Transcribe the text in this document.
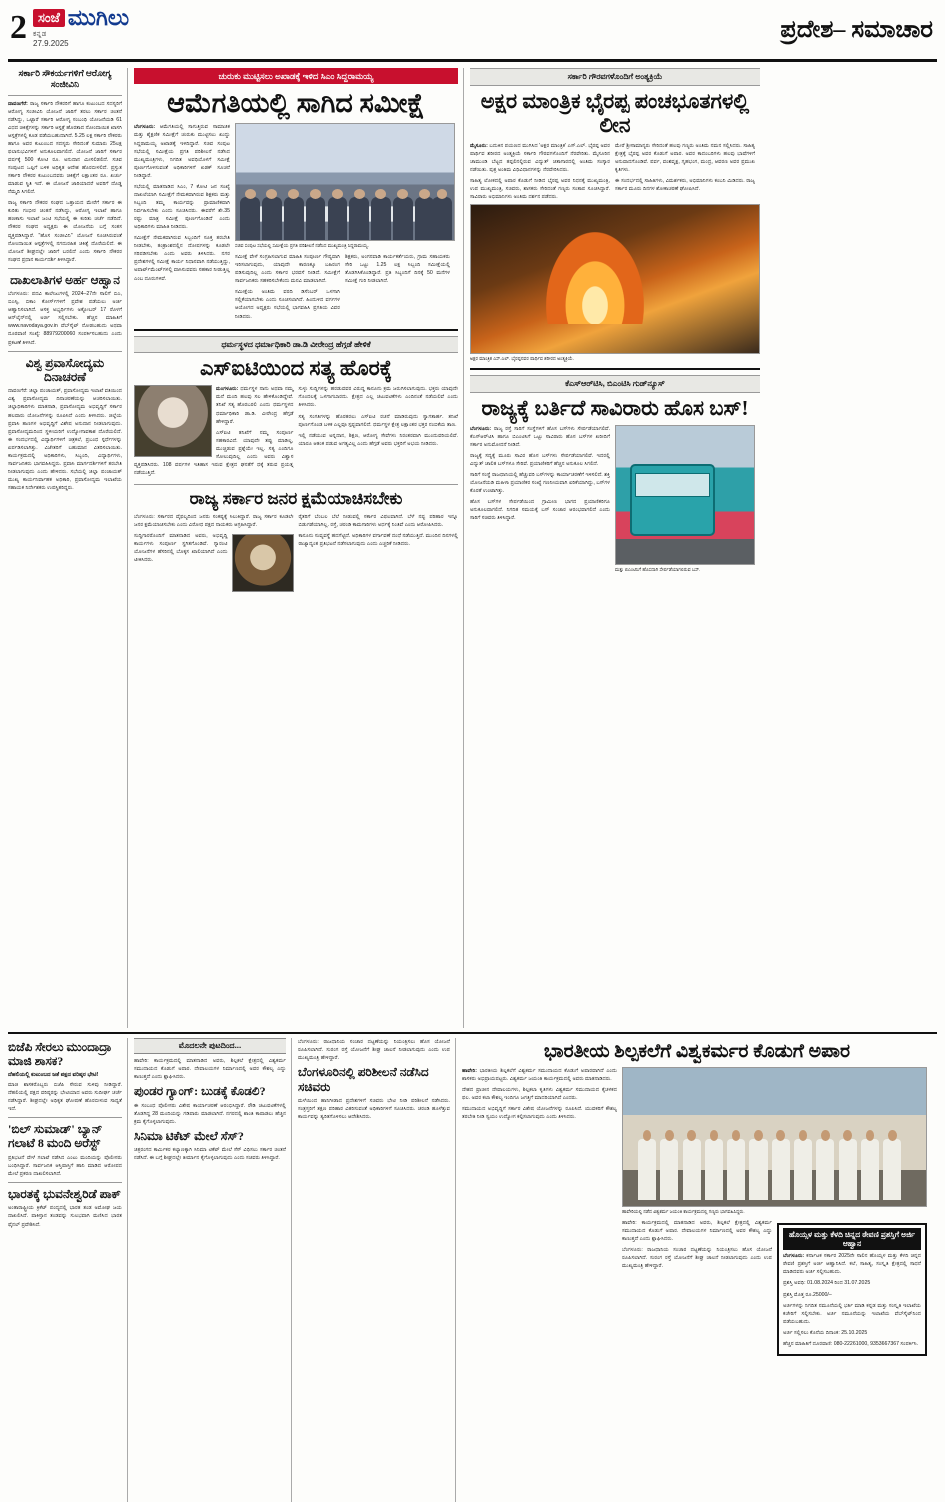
2 ಸಂಜೆ ಮುಗಿಲು
ಕನ್ನಡ
27.9.2025
ಪ್ರದೇಶ– ಸಮಾಚಾರ
ಸರ್ಕಾರಿ ಸೌಕರ್ಯಗಳಿಗೆ ಆರೋಗ್ಯ ಸಂಜೀವಿನಿ

ದಾವಣಗೆರೆ: ರಾಜ್ಯ ಸರ್ಕಾರಿ ನೌಕರರಿಗೆ ಹಾಗೂ ಕುಟುಂಬದ ಸದಸ್ಯರಿಗೆ ಆರೋಗ್ಯ ಸಂಜೀವಿನಿ ಯೋಜನೆ ಜಾರಿಗೆ ತರಲು ಸರ್ಕಾರ ಚಿಂತನೆ ನಡೆಸಿದ್ದು, ಒಟ್ಟಾರೆ ಸರ್ಕಾರಿ ಆರೋಗ್ಯ ಸಂಬಂಧಿ ಯೋಜನೆಯಡಿ 61 ವಿಧದ ಚಿಕಿತ್ಸೆಗಳನ್ನು ಸರ್ಕಾರಿ ಆಸ್ಪತ್ರೆ ಹೊರತಾದ ನೋಂದಾಯಿತ ಖಾಸಗಿ ಆಸ್ಪತ್ರೆಗಳಲ್ಲಿ ಕೂಡ ಪಡೆಯಬಹುದಾಗಿದೆ. 5.25 ಲಕ್ಷ ಸರ್ಕಾರಿ ನೌಕರರು ಹಾಗೂ ಅವರ ಕುಟುಂಬದ ಸದಸ್ಯರು ಸೇರಿದಂತೆ ಸುಮಾರು 25ಲಕ್ಷ ಫಲಾನುಭವಿಗಳಿಗೆ ಅನುಕೂಲವಾಗಲಿದೆ. ಯೋಜನೆ ಜಾರಿಗೆ ಸರ್ಕಾರ ವರ್ಷಕ್ಕೆ 500 ಕೋಟಿ ರೂ. ಅನುದಾನ ಮೀಸಲಿಡಲಿದೆ. ಸಚಿವ ಸಂಪುಟದ ಒಪ್ಪಿಗೆ ಬಳಿಕ ಅಧಿಕೃತ ಆದೇಶ ಹೊರಬೀಳಲಿದೆ. ಪ್ರಸ್ತುತ ಸರ್ಕಾರಿ ನೌಕರರ ಕುಟುಂಬದವರು ಚಿಕಿತ್ಸೆಗೆ ಲಕ್ಷಾಂತರ ರೂ. ಖರ್ಚು ಮಾಡುವ ಸ್ಥಿತಿ ಇದೆ. ಈ ಯೋಜನೆ ಜಾರಿಯಾದರೆ ಅವರಿಗೆ ದೊಡ್ಡ ನೆಮ್ಮದಿ ಸಿಗಲಿದೆ.

ರಾಜ್ಯ ಸರ್ಕಾರಿ ನೌಕರರ ಸಂಘದ ಒತ್ತಾಯದ ಮೇರೆಗೆ ಸರ್ಕಾರ ಈ ಕುರಿತು ಗಂಭೀರ ಚಿಂತನೆ ನಡೆಸಿದ್ದು, ಆರೋಗ್ಯ ಇಲಾಖೆ ಹಾಗೂ ಹಣಕಾಸು ಇಲಾಖೆ ಜಂಟಿ ಸಭೆಯಲ್ಲಿ ಈ ಕುರಿತು ಚರ್ಚೆ ನಡೆದಿದೆ. ನೌಕರರ ಸಂಘದ ಅಧ್ಯಕ್ಷರು ಈ ಯೋಜನೆಯ ಬಗ್ಗೆ ಸಂತಸ ವ್ಯಕ್ತಪಡಿಸಿದ್ದಾರೆ. "ಹೊಸ ಸಂಜೀವಿನಿ" ಯೋಜನೆ ಸೂಚಿಸಿರುವಂತೆ ನೋಂದಾಯಿತ ಆಸ್ಪತ್ರೆಗಳಲ್ಲಿ ನಗದುರಹಿತ ಚಿಕಿತ್ಸೆ ದೊರೆಯಲಿದೆ. ಈ ಯೋಜನೆ ಶೀಘ್ರದಲ್ಲೇ ಜಾರಿಗೆ ಬರಲಿದೆ ಎಂದು ಸರ್ಕಾರಿ ನೌಕರರ ಸಂಘದ ಪ್ರಧಾನ ಕಾರ್ಯದರ್ಶಿ ತಿಳಿಸಿದ್ದಾರೆ.

ದಾಖಲಾತಿಗಳ ಅರ್ಹ ಆಹ್ವಾನ

ಬೆಂಗಳೂರು: ಪದವಿ ಕಾಲೇಜುಗಳಲ್ಲಿ 2024–27ನೇ ಸಾಲಿಗೆ ಬಿಎ, ಬಿಎಸ್ಸಿ, ಬಿಕಾಂ ಕೋರ್ಸ್‌ಗಳಿಗೆ ಪ್ರವೇಶ ಪಡೆಯಲು ಅರ್ಜಿ ಆಹ್ವಾನಿಸಲಾಗಿದೆ. ಆಸಕ್ತ ಅಭ್ಯರ್ಥಿಗಳು ಅಕ್ಟೋಬರ್ 17 ರೊಳಗೆ ಆನ್‌ಲೈನ್‌ನಲ್ಲಿ ಅರ್ಜಿ ಸಲ್ಲಿಸಬೇಕು. ಹೆಚ್ಚಿನ ಮಾಹಿತಿಗೆ www.navodaya.gov.in ವೆಬ್‌ಸೈಟ್ ನೋಡಬಹುದು ಅಥವಾ ದೂರವಾಣಿ ಸಂಖ್ಯೆ: 88979200060 ಸಂಪರ್ಕಿಸಬಹುದು ಎಂದು ಪ್ರಕಟಣೆ ತಿಳಿಸಿದೆ.

ವಿಶ್ವ ಪ್ರವಾಸೋದ್ಯಮ ದಿನಾಚರಣೆ

ದಾವಣಗೆರೆ: ಜಿಲ್ಲಾ ಪಂಚಾಯತ್, ಪ್ರವಾಸೋದ್ಯಮ ಇಲಾಖೆ ವತಿಯಿಂದ ವಿಶ್ವ ಪ್ರವಾಸೋದ್ಯಮ ದಿನಾಚರಣೆಯನ್ನು ಆಚರಿಸಲಾಯಿತು. ಜಿಲ್ಲಾಧಿಕಾರಿಗಳು ಮಾತನಾಡಿ, ಪ್ರವಾಸೋದ್ಯಮ ಅಭಿವೃದ್ಧಿಗೆ ಸರ್ಕಾರ ಹಲವಾರು ಯೋಜನೆಗಳನ್ನು ರೂಪಿಸಿದೆ ಎಂದು ತಿಳಿಸಿದರು. ಜಿಲ್ಲೆಯ ಪ್ರವಾಸಿ ತಾಣಗಳ ಅಭಿವೃದ್ಧಿಗೆ ವಿಶೇಷ ಅನುದಾನ ನೀಡಲಾಗುವುದು. ಪ್ರವಾಸೋದ್ಯಮದಿಂದ ಸ್ಥಳೀಯರಿಗೆ ಉದ್ಯೋಗಾವಕಾಶ ದೊರೆಯಲಿದೆ. ಈ ಸಂದರ್ಭದಲ್ಲಿ ವಿದ್ಯಾರ್ಥಿಗಳಿಗೆ ಚಿತ್ರಕಲೆ, ಪ್ರಬಂಧ ಸ್ಪರ್ಧೆಗಳನ್ನು ಏರ್ಪಡಿಸಲಾಗಿತ್ತು. ವಿಜೇತರಿಗೆ ಬಹುಮಾನ ವಿತರಿಸಲಾಯಿತು. ಕಾರ್ಯಕ್ರಮದಲ್ಲಿ ಅಧಿಕಾರಿಗಳು, ಸಿಬ್ಬಂದಿ, ವಿದ್ಯಾರ್ಥಿಗಳು, ಸಾರ್ವಜನಿಕರು ಭಾಗವಹಿಸಿದ್ದರು. ಪ್ರವಾಸಿ ಮಾರ್ಗದರ್ಶಿಗಳಿಗೆ ತರಬೇತಿ ನೀಡಲಾಗುವುದು ಎಂದು ಹೇಳಿದರು. ಸಭೆಯಲ್ಲಿ ಜಿಲ್ಲಾ ಪಂಚಾಯತ್ ಮುಖ್ಯ ಕಾರ್ಯನಿರ್ವಾಹಕ ಅಧಿಕಾರಿ, ಪ್ರವಾಸೋದ್ಯಮ ಇಲಾಖೆಯ ಸಹಾಯಕ ನಿರ್ದೇಶಕರು ಉಪಸ್ಥಿತರಿದ್ದರು.

ಚುರುಕು ಮುಟ್ಟಿಸಲು ಅಖಾಡಕ್ಕೆ ಇಳಿದ ಸಿಎಂ ಸಿದ್ದರಾಮಯ್ಯ
ಆಮೆಗತಿಯಲ್ಲಿ ಸಾಗಿದ ಸಮೀಕ್ಷೆ

ಬೆಂಗಳೂರು: ಆಮೆಗತಿಯಲ್ಲಿ ಸಾಗುತ್ತಿರುವ ಸಾಮಾಜಿಕ ಮತ್ತು ಶೈಕ್ಷಣಿಕ ಸಮೀಕ್ಷೆಗೆ ಚುರುಕು ಮುಟ್ಟಿಸಲು ಖುದ್ದು ಸಿದ್ದರಾಮಯ್ಯ ಅಖಾಡಕ್ಕೆ ಇಳಿದಿದ್ದಾರೆ. ಸಚಿವ ಸಂಪುಟ ಸಭೆಯಲ್ಲಿ ಸಮೀಕ್ಷೆಯ ಪ್ರಗತಿ ಪರಿಶೀಲನೆ ನಡೆಸಿದ ಮುಖ್ಯಮಂತ್ರಿಗಳು, ನಿಗದಿತ ಅವಧಿಯೊಳಗೆ ಸಮೀಕ್ಷೆ ಪೂರ್ಣಗೊಳಿಸುವಂತೆ ಅಧಿಕಾರಿಗಳಿಗೆ ಖಡಕ್ ಸೂಚನೆ ನೀಡಿದ್ದಾರೆ.

ಸಭೆಯಲ್ಲಿ ಮಾತನಾಡಿದ ಸಿಎಂ, 7 ಕೋಟಿ ಜನ ಸಂಖ್ಯೆ ದಾಖಲೆಯಾಗಿ ಸಮೀಕ್ಷೆಗೆ ನೇಮಕವಾಗಿರುವ ಶಿಕ್ಷಕರು ಮತ್ತು ಸಿಬ್ಬಂದಿ ತಮ್ಮ ಕಾರ್ಯವನ್ನು ಪ್ರಾಮಾಣಿಕವಾಗಿ ನಿರ್ವಹಿಸಬೇಕು ಎಂದು ಸೂಚಿಸಿದರು. ಈವರೆಗೆ ಶೇ.35 ರಷ್ಟು ಮಾತ್ರ ಸಮೀಕ್ಷೆ ಪೂರ್ಣಗೊಂಡಿದೆ ಎಂದು ಅಧಿಕಾರಿಗಳು ಮಾಹಿತಿ ನೀಡಿದರು.

ಸಮೀಕ್ಷೆಗೆ ನೇಮಕವಾಗಿರುವ ಸಿಬ್ಬಂದಿಗೆ ಸೂಕ್ತ ತರಬೇತಿ ನೀಡಬೇಕು, ತಂತ್ರಾಂಶದಲ್ಲಿನ ದೋಷಗಳನ್ನು ಕೂಡಲೇ ಸರಿಪಡಿಸಬೇಕು ಎಂದು ಅವರು ತಿಳಿಸಿದರು. ನಗರ ಪ್ರದೇಶಗಳಲ್ಲಿ ಸಮೀಕ್ಷೆ ಕಾರ್ಯ ನಿಧಾನವಾಗಿ ನಡೆಯುತ್ತಿದ್ದು, ಅಪಾರ್ಟ್‌ಮೆಂಟ್‌ಗಳಲ್ಲಿ ವಾಸಿಸುವವರು ಸಹಕಾರ ನೀಡುತ್ತಿಲ್ಲ ಎಂಬ ದೂರುಗಳಿವೆ.

ಸಚಿವ ಸಂಪುಟ ಸಭೆಯಲ್ಲಿ ಸಮೀಕ್ಷೆಯ ಪ್ರಗತಿ ಪರಿಶೀಲನೆ ನಡೆಸಿದ ಮುಖ್ಯಮಂತ್ರಿ ಸಿದ್ದರಾಮಯ್ಯ.

ಸಮೀಕ್ಷೆ ವೇಳೆ ಸಂಗ್ರಹಿಸಲಾಗುವ ಮಾಹಿತಿ ಸಂಪೂರ್ಣ ಗೌಪ್ಯವಾಗಿ ಇರಿಸಲಾಗುವುದು, ಯಾವುದೇ ಕಾರಣಕ್ಕೂ ಬಹಿರಂಗ ಪಡಿಸುವುದಿಲ್ಲ ಎಂದು ಸರ್ಕಾರ ಭರವಸೆ ನೀಡಿದೆ. ಸಮೀಕ್ಷೆಗೆ ಸಾರ್ವಜನಿಕರು ಸಹಕರಿಸಬೇಕೆಂದು ಮನವಿ ಮಾಡಲಾಗಿದೆ.

ಸಮೀಕ್ಷೆಯ ಅಂತಿಮ ವರದಿ ಡಿಸೆಂಬರ್ ಒಳಗಾಗಿ ಸಲ್ಲಿಕೆಯಾಗಬೇಕು ಎಂದು ಸೂಚಿಸಲಾಗಿದೆ. ಹಿಂದುಳಿದ ವರ್ಗಗಳ ಆಯೋಗದ ಅಧ್ಯಕ್ಷರು ಸಭೆಯಲ್ಲಿ ಭಾಗವಹಿಸಿ ಪ್ರಗತಿಯ ವಿವರ ನೀಡಿದರು.

ಶಿಕ್ಷಕರು, ಅಂಗನವಾಡಿ ಕಾರ್ಯಕರ್ತೆಯರು, ಗ್ರಾಮ ಸಹಾಯಕರು ಸೇರಿ ಒಟ್ಟು 1.25 ಲಕ್ಷ ಸಿಬ್ಬಂದಿ ಸಮೀಕ್ಷೆಯಲ್ಲಿ ತೊಡಗಿಸಿಕೊಂಡಿದ್ದಾರೆ. ಪ್ರತಿ ಸಿಬ್ಬಂದಿಗೆ ದಿನಕ್ಕೆ 50 ಮನೆಗಳ ಸಮೀಕ್ಷೆ ಗುರಿ ನೀಡಲಾಗಿದೆ.

ಧರ್ಮಸ್ಥಳದ ಧರ್ಮಾಧಿಕಾರಿ ಡಾ.ಡಿ ವೀರೇಂದ್ರ ಹೆಗ್ಗಡೆ ಹೇಳಿಕೆ
ಎಸ್‌ಐಟಿಯಿಂದ ಸತ್ಯ ಹೊರಕ್ಕೆ

ಮಂಗಳೂರು: ಧರ್ಮಸ್ಥಳ ನಾನು ಅಥವಾ ನಮ್ಮ ಮನೆ ಮಂದಿ ಹಲವು ಸಲ ಹೇಳಿಕೊಂಡಿದ್ದೇವೆ. ತನಿಖೆ ಸತ್ಯ ಹೊರಬರಲಿ ಎಂದು ಧರ್ಮಸ್ಥಳದ ಧರ್ಮಾಧಿಕಾರಿ ಡಾ.ಡಿ. ವೀರೇಂದ್ರ ಹೆಗ್ಗಡೆ ಹೇಳಿದ್ದಾರೆ.

ಎಸ್‌ಐಟಿ ತನಿಖೆಗೆ ನಮ್ಮ ಸಂಪೂರ್ಣ ಸಹಕಾರವಿದೆ. ಯಾವುದೇ ತಪ್ಪು ಮಾಡಿಲ್ಲ, ಮುಚ್ಚಿಡುವ ಪ್ರಶ್ನೆಯೇ ಇಲ್ಲ. ಸತ್ಯ ಎಂದಿಗೂ ಸೋಲುವುದಿಲ್ಲ ಎಂದು ಅವರು ವಿಶ್ವಾಸ ವ್ಯಕ್ತಪಡಿಸಿದರು. 108 ವರ್ಷಗಳ ಇತಿಹಾಸ ಇರುವ ಕ್ಷೇತ್ರದ ಘನತೆಗೆ ಧಕ್ಕೆ ತರುವ ಪ್ರಯತ್ನ ನಡೆಯುತ್ತಿದೆ.

ಸುಳ್ಳು ಸುದ್ದಿಗಳನ್ನು ಹರಡುವವರ ವಿರುದ್ಧ ಕಾನೂನು ಕ್ರಮ ಜರುಗಿಸಲಾಗುವುದು. ಭಕ್ತರು ಯಾವುದೇ ಗೊಂದಲಕ್ಕೆ ಒಳಗಾಗಬಾರದು. ಕ್ಷೇತ್ರದ ಎಲ್ಲ ಚಟುವಟಿಕೆಗಳು ಎಂದಿನಂತೆ ನಡೆಯಲಿವೆ ಎಂದು ತಿಳಿಸಿದರು.

ಸತ್ಯ ಸಂಗತಿಗಳನ್ನು ಹೊರತರಲು ಎಸ್‌ಐಟಿ ರಚನೆ ಮಾಡಿರುವುದು ಸ್ವಾಗತಾರ್ಹ. ತನಿಖೆ ಪೂರ್ಣಗೊಂಡ ಬಳಿಕ ಎಲ್ಲವೂ ಸ್ಪಷ್ಟವಾಗಲಿದೆ. ಧರ್ಮಸ್ಥಳ ಕ್ಷೇತ್ರ ಲಕ್ಷಾಂತರ ಭಕ್ತರ ನಂಬಿಕೆಯ ತಾಣ.

ಇಲ್ಲಿ ನಡೆಯುವ ಅನ್ನದಾನ, ಶಿಕ್ಷಣ, ಆರೋಗ್ಯ ಸೇವೆಗಳು ನಿರಂತರವಾಗಿ ಮುಂದುವರಿಯಲಿವೆ. ಯಾರೂ ಆತಂಕ ಪಡುವ ಅಗತ್ಯವಿಲ್ಲ ಎಂದು ಹೆಗ್ಗಡೆ ಅವರು ಭಕ್ತರಿಗೆ ಅಭಯ ನೀಡಿದರು.

ರಾಜ್ಯ ಸರ್ಕಾರ ಜನರ ಕ್ಷಮೆಯಾಚಿಸಬೇಕು

ಬೆಂಗಳೂರು: ಸರ್ಕಾರದ ವೈಫಲ್ಯದಿಂದ ಜನರು ಸಂಕಷ್ಟಕ್ಕೆ ಸಿಲುಕಿದ್ದಾರೆ. ರಾಜ್ಯ ಸರ್ಕಾರ ಕೂಡಲೇ ಜನರ ಕ್ಷಮೆಯಾಚಿಸಬೇಕು ಎಂದು ವಿರೋಧ ಪಕ್ಷದ ನಾಯಕರು ಆಗ್ರಹಿಸಿದ್ದಾರೆ.

ಸುದ್ದಿಗಾರರೊಂದಿಗೆ ಮಾತನಾಡಿದ ಅವರು, ಅಭಿವೃದ್ಧಿ ಕಾರ್ಯಗಳು ಸಂಪೂರ್ಣ ಸ್ಥಗಿತಗೊಂಡಿವೆ. ಗ್ಯಾರಂಟಿ ಯೋಜನೆಗಳ ಹೆಸರಿನಲ್ಲಿ ಬೊಕ್ಕಸ ಖಾಲಿಯಾಗಿದೆ ಎಂದು ಟೀಕಿಸಿದರು.

ರೈತರಿಗೆ ಬೆಂಬಲ ಬೆಲೆ ನೀಡುವಲ್ಲಿ ಸರ್ಕಾರ ವಿಫಲವಾಗಿದೆ. ಬೆಳೆ ನಷ್ಟ ಪರಿಹಾರ ಇನ್ನೂ ಬಿಡುಗಡೆಯಾಗಿಲ್ಲ. ರಸ್ತೆ, ಚರಂಡಿ ಕಾಮಗಾರಿಗಳು ಅರ್ಧಕ್ಕೆ ನಿಂತಿವೆ ಎಂದು ಆರೋಪಿಸಿದರು.

ಕಾನೂನು ಸುವ್ಯವಸ್ಥೆ ಹದಗೆಟ್ಟಿದೆ. ಅಧಿಕಾರಿಗಳ ವರ್ಗಾವಣೆ ದಂಧೆ ನಡೆಯುತ್ತಿದೆ. ಮುಂದಿನ ದಿನಗಳಲ್ಲಿ ರಾಜ್ಯಾದ್ಯಂತ ಪ್ರತಿಭಟನೆ ನಡೆಸಲಾಗುವುದು ಎಂದು ಎಚ್ಚರಿಕೆ ನೀಡಿದರು.

ಸರ್ಕಾರಿ ಗೌರವಗಳೊಂದಿಗೆ ಅಂತ್ಯಕ್ರಿಯೆ
ಅಕ್ಷರ ಮಾಂತ್ರಿಕ ಭೈರಪ್ಪ ಪಂಚಭೂತಗಳಲ್ಲಿ ಲೀನ

ಮೈಸೂರು: ಬದುಕಿನ ಪಯಣದ ಮುಗಿಸಿದ 'ಅಕ್ಷರ ಮಾಂತ್ರಿಕ' ಎಸ್.ಎಲ್. ಭೈರಪ್ಪ ಅವರ ಪಾರ್ಥಿವ ಶರೀರದ ಅಂತ್ಯಕ್ರಿಯೆ ಸರ್ಕಾರಿ ಗೌರವಗಳೊಂದಿಗೆ ನೆರವೇರಿತು. ಮೈಸೂರಿನ ಚಾಮುಂಡಿ ಬೆಟ್ಟದ ತಪ್ಪಲಿನಲ್ಲಿರುವ ವಿದ್ಯುತ್ ಚಿತಾಗಾರದಲ್ಲಿ ಅಂತಿಮ ಸಂಸ್ಕಾರ ನಡೆಯಿತು. ಪುತ್ರ ಅಂತಿಮ ವಿಧಿವಿಧಾನಗಳನ್ನು ನೆರವೇರಿಸಿದರು.

ಸಾಹಿತ್ಯ ಲೋಕದಲ್ಲಿ ಅಪಾರ ಕೊಡುಗೆ ನೀಡಿದ ಭೈರಪ್ಪ ಅವರ ನಿಧನಕ್ಕೆ ಮುಖ್ಯಮಂತ್ರಿ, ಉಪ ಮುಖ್ಯಮಂತ್ರಿ, ಸಚಿವರು, ಶಾಸಕರು ಸೇರಿದಂತೆ ಗಣ್ಯರು ಸಂತಾಪ ಸೂಚಿಸಿದ್ದಾರೆ. ಸಾವಿರಾರು ಅಭಿಮಾನಿಗಳು ಅಂತಿಮ ದರ್ಶನ ಪಡೆದರು.

ಮೇರೆ ಶ್ರೀಸಾಮಾನ್ಯರು ಸೇರಿದಂತೆ ಹಲವು ಗಣ್ಯರು ಅಂತಿಮ ನಮನ ಸಲ್ಲಿಸಿದರು. ಸಾಹಿತ್ಯ ಕ್ಷೇತ್ರಕ್ಕೆ ಭೈರಪ್ಪ ಅವರ ಕೊಡುಗೆ ಅಪಾರ. ಅವರ ಕಾದಂಬರಿಗಳು ಹಲವು ಭಾಷೆಗಳಿಗೆ ಅನುವಾದಗೊಂಡಿವೆ. ಪರ್ವ, ವಂಶವೃಕ್ಷ, ಗೃಹಭಂಗ, ಮಂದ್ರ, ಆವರಣ ಅವರ ಪ್ರಮುಖ ಕೃತಿಗಳು.

ಈ ಸಂದರ್ಭದಲ್ಲಿ ಸಾಹಿತಿಗಳು, ವಿಮರ್ಶಕರು, ಅಭಿಮಾನಿಗಳು ಕಂಬನಿ ಮಿಡಿದರು. ರಾಜ್ಯ ಸರ್ಕಾರ ಮೂರು ದಿನಗಳ ಶೋಕಾಚರಣೆ ಘೋಷಿಸಿದೆ.

ಅಕ್ಷರ ಮಾಂತ್ರಿಕ ಎಸ್.ಎಲ್. ಭೈರಪ್ಪನವರ ಪಾರ್ಥಿವ ಶರೀರದ ಅಂತ್ಯಕ್ರಿಯೆ.
ಕೆಎಸ್‌ಆರ್‌ಟಿಸಿ, ಬಿಎಂಟಿಸಿ ಗುಡ್‌ನ್ಯೂಸ್
ರಾಜ್ಯಕ್ಕೆ ಬರ್ತಿದೆ ಸಾವಿರಾರು ಹೊಸ ಬಸ್!

ಬೆಂಗಳೂರು: ರಾಜ್ಯ ರಸ್ತೆ ಸಾರಿಗೆ ಸಂಸ್ಥೆಗಳಿಗೆ ಹೊಸ ಬಸ್‌ಗಳು ಸೇರ್ಪಡೆಯಾಗಲಿವೆ. ಕೆಎಸ್‌ಆರ್‌ಟಿಸಿ ಹಾಗೂ ಬಿಎಂಟಿಸಿಗೆ ಒಟ್ಟು ಸಾವಿರಾರು ಹೊಸ ಬಸ್‌ಗಳ ಖರೀದಿಗೆ ಸರ್ಕಾರ ಅನುಮೋದನೆ ನೀಡಿದೆ.

ರಾಜ್ಯಕ್ಕೆ ಸದ್ಯಕ್ಕೆ ಮೂರು ಸಾವಿರ ಹೊಸ ಬಸ್‌ಗಳು ಸೇರ್ಪಡೆಯಾಗಲಿವೆ. ಇದರಲ್ಲಿ ವಿದ್ಯುತ್ ಚಾಲಿತ ಬಸ್‌ಗಳೂ ಸೇರಿವೆ. ಪ್ರಯಾಣಿಕರಿಗೆ ಹೆಚ್ಚಿನ ಅನುಕೂಲ ಸಿಗಲಿದೆ.

ಸಾರಿಗೆ ಸಂಸ್ಥೆ ರಾಜಧಾನಿಯಲ್ಲಿ ಹೆಚ್ಚುವರಿ ಬಸ್‌ಗಳನ್ನು ಕಾರ್ಯಾಚರಣೆಗೆ ಇಳಿಸಲಿದೆ. ಶಕ್ತಿ ಯೋಜನೆಯಡಿ ಮಹಿಳಾ ಪ್ರಯಾಣಿಕರ ಸಂಖ್ಯೆ ಗಣನೀಯವಾಗಿ ಏರಿಕೆಯಾಗಿದ್ದು, ಬಸ್‌ಗಳ ಕೊರತೆ ಉಂಟಾಗಿತ್ತು.

ಹೊಸ ಬಸ್‌ಗಳ ಸೇರ್ಪಡೆಯಿಂದ ಗ್ರಾಮೀಣ ಭಾಗದ ಪ್ರಯಾಣಿಕರಿಗೂ ಅನುಕೂಲವಾಗಲಿದೆ. ನಿಗದಿತ ಸಮಯಕ್ಕೆ ಬಸ್ ಸಂಚಾರ ಆರಂಭವಾಗಲಿದೆ ಎಂದು ಸಾರಿಗೆ ಸಚಿವರು ತಿಳಿಸಿದ್ದಾರೆ.

ಮತ್ತು ಬಿಎಂಟಿಸಿಗೆ ಹೊಸದಾಗಿ ಸೇರ್ಪಡೆಯಾಗಲಿರುವ ಬಸ್.
ಬಿಜೆಪಿ ಸೇರಲು ಮುಂದಾದ್ರಾ ಮಾಜಿ ಶಾಸಕ?
ದೆಹಲಿಯಲ್ಲಿ ಕುಟುಂಬದ ಜತೆ ಪಕ್ಷದ ವರಿಷ್ಠರ ಭೇಟಿ!

ಮಾಜಿ ಶಾಸಕರೊಬ್ಬರು ಬಿಜೆಪಿ ಸೇರುವ ಸುಳಿವು ನೀಡಿದ್ದಾರೆ. ದೆಹಲಿಯಲ್ಲಿ ಪಕ್ಷದ ವರಿಷ್ಠರನ್ನು ಭೇಟಿಯಾದ ಅವರು ಸುದೀರ್ಘ ಚರ್ಚೆ ನಡೆಸಿದ್ದಾರೆ. ಶೀಘ್ರದಲ್ಲೇ ಅಧಿಕೃತ ಘೋಷಣೆ ಹೊರಬೀಳುವ ಸಾಧ್ಯತೆ ಇದೆ.

'ಬಿಲ್ ಸುಮಾಡ್' ಬ್ಯಾನ್ ಗಲಾಟೆ 8 ಮಂದಿ ಅರೆಸ್ಟ್

ಪ್ರತಿಭಟನೆ ವೇಳೆ ಗಲಾಟೆ ನಡೆಸಿದ ಎಂಟು ಮಂದಿಯನ್ನು ಪೊಲೀಸರು ಬಂಧಿಸಿದ್ದಾರೆ. ಸಾರ್ವಜನಿಕ ಆಸ್ತಿಪಾಸ್ತಿಗೆ ಹಾನಿ ಮಾಡಿದ ಆರೋಪದ ಮೇಲೆ ಪ್ರಕರಣ ದಾಖಲಿಸಲಾಗಿದೆ.

ಭಾರತಕ್ಕೆ ಭುವನೇಶ್ವರಿಡೆ ಪಾಕ್

ಅಂತಾರಾಷ್ಟ್ರೀಯ ಕ್ರಿಕೆಟ್ ಪಂದ್ಯದಲ್ಲಿ ಭಾರತ ತಂಡ ಅಮೋಘ ಜಯ ದಾಖಲಿಸಿದೆ. ಪಾಕಿಸ್ತಾನ ತಂಡವನ್ನು ಸುಲಭವಾಗಿ ಮಣಿಸಿದ ಭಾರತ ಫೈನಲ್ ಪ್ರವೇಶಿಸಿದೆ.

ಮೊದಲನೇ ಪುಟದಿಂದ...

ಹಾವೇರಿ: ಕಾರ್ಯಕ್ರಮದಲ್ಲಿ ಮಾತನಾಡಿದ ಅವರು, ಶಿಲ್ಪಕಲೆ ಕ್ಷೇತ್ರದಲ್ಲಿ ವಿಶ್ವಕರ್ಮ ಸಮುದಾಯದ ಕೊಡುಗೆ ಅಪಾರ. ದೇವಾಲಯಗಳ ನಿರ್ಮಾಣದಲ್ಲಿ ಅವರ ಕೌಶಲ್ಯ ಎದ್ದು ಕಾಣುತ್ತದೆ ಎಂದು ಶ್ಲಾಘಿಸಿದರು.

ಪುಂಡರ ಗ್ಯಾಂಗ್: ಬುಡಕ್ಕೆ ಕೊಡಲಿ?

ಈ ಸಂಬಂಧ ಪೊಲೀಸರು ವಿಶೇಷ ಕಾರ್ಯಾಚರಣೆ ಆರಂಭಿಸಿದ್ದಾರೆ. ರೌಡಿ ಚಟುವಟಿಕೆಗಳಲ್ಲಿ ತೊಡಗಿದ್ದ 28 ಮಂದಿಯನ್ನು ಗಡಿಪಾರು ಮಾಡಲಾಗಿದೆ. ನಗರದಲ್ಲಿ ಶಾಂತಿ ಕಾಪಾಡಲು ಹೆಚ್ಚಿನ ಕ್ರಮ ಕೈಗೊಳ್ಳಲಾಗುವುದು.

ಸಿನಿಮಾ ಟಿಕೆಟ್ ಮೇಲೆ ಸೆಸ್?

ಚಿತ್ರರಂಗದ ಕಾರ್ಮಿಕರ ಕಲ್ಯಾಣಕ್ಕಾಗಿ ಸಿನಿಮಾ ಟಿಕೆಟ್ ಮೇಲೆ ಸೆಸ್ ವಿಧಿಸಲು ಸರ್ಕಾರ ಚಿಂತನೆ ನಡೆಸಿದೆ. ಈ ಬಗ್ಗೆ ಶೀಘ್ರದಲ್ಲೇ ತೀರ್ಮಾನ ಕೈಗೊಳ್ಳಲಾಗುವುದು ಎಂದು ಸಚಿವರು ತಿಳಿಸಿದ್ದಾರೆ.

ಬೆಂಗಳೂರು: ರಾಜಧಾನಿಯ ಸಂಚಾರ ದಟ್ಟಣೆಯನ್ನು ನಿಯಂತ್ರಿಸಲು ಹೊಸ ಯೋಜನೆ ರೂಪಿಸಲಾಗಿದೆ. ಸುರಂಗ ರಸ್ತೆ ಯೋಜನೆಗೆ ಶೀಘ್ರ ಚಾಲನೆ ನೀಡಲಾಗುವುದು ಎಂದು ಉಪ ಮುಖ್ಯಮಂತ್ರಿ ಹೇಳಿದ್ದಾರೆ.

ಬೆಂಗಳೂರಿನಲ್ಲಿ ಪರಿಶೀಲನೆ ನಡೆಸಿದ ಸಚಿವರು

ಮಳೆಯಿಂದ ಹಾನಿಗೀಡಾದ ಪ್ರದೇಶಗಳಿಗೆ ಸಚಿವರು ಭೇಟಿ ನೀಡಿ ಪರಿಶೀಲನೆ ನಡೆಸಿದರು. ಸಂತ್ರಸ್ತರಿಗೆ ತಕ್ಷಣ ಪರಿಹಾರ ವಿತರಿಸುವಂತೆ ಅಧಿಕಾರಿಗಳಿಗೆ ಸೂಚಿಸಿದರು. ಚರಂಡಿ ಹೂಳೆತ್ತುವ ಕಾರ್ಯವನ್ನು ತ್ವರಿತಗೊಳಿಸಲು ಆದೇಶಿಸಿದರು.

ಭಾರತೀಯ ಶಿಲ್ಪಕಲೆಗೆ ವಿಶ್ವಕರ್ಮರ ಕೊಡುಗೆ ಅಪಾರ

ಹಾವೇರಿ: ಭಾರತೀಯ ಶಿಲ್ಪಕಲೆಗೆ ವಿಶ್ವಕರ್ಮ ಸಮುದಾಯದ ಕೊಡುಗೆ ಅಪಾರವಾಗಿದೆ ಎಂದು ಶಾಸಕರು ಅಭಿಪ್ರಾಯಪಟ್ಟರು. ವಿಶ್ವಕರ್ಮ ಜಯಂತಿ ಕಾರ್ಯಕ್ರಮದಲ್ಲಿ ಅವರು ಮಾತನಾಡಿದರು.

ದೇಶದ ಪ್ರಾಚೀನ ದೇವಾಲಯಗಳು, ಶಿಲ್ಪಕಲಾ ಕೃತಿಗಳು ವಿಶ್ವಕರ್ಮ ಸಮುದಾಯದ ಕೈಚಳಕದ ಫಲ. ಅವರ ಕಲಾ ಕೌಶಲ್ಯ ಇಂದಿಗೂ ಜಗತ್ತಿಗೆ ಮಾದರಿಯಾಗಿದೆ ಎಂದರು.

ಸಮುದಾಯದ ಅಭಿವೃದ್ಧಿಗೆ ಸರ್ಕಾರ ವಿಶೇಷ ಯೋಜನೆಗಳನ್ನು ರೂಪಿಸಿದೆ. ಯುವಕರಿಗೆ ಕೌಶಲ್ಯ ತರಬೇತಿ ನೀಡಿ ಸ್ವಯಂ ಉದ್ಯೋಗ ಕಲ್ಪಿಸಲಾಗುವುದು ಎಂದು ತಿಳಿಸಿದರು.

ಹಾವೇರಿಯಲ್ಲಿ ನಡೆದ ವಿಶ್ವಕರ್ಮ ಜಯಂತಿ ಕಾರ್ಯಕ್ರಮದಲ್ಲಿ ಗಣ್ಯರು ಭಾಗವಹಿಸಿದ್ದರು.

ಹಾವೇರಿ: ಕಾರ್ಯಕ್ರಮದಲ್ಲಿ ಮಾತನಾಡಿದ ಅವರು, ಶಿಲ್ಪಕಲೆ ಕ್ಷೇತ್ರದಲ್ಲಿ ವಿಶ್ವಕರ್ಮ ಸಮುದಾಯದ ಕೊಡುಗೆ ಅಪಾರ. ದೇವಾಲಯಗಳ ನಿರ್ಮಾಣದಲ್ಲಿ ಅವರ ಕೌಶಲ್ಯ ಎದ್ದು ಕಾಣುತ್ತದೆ ಎಂದು ಶ್ಲಾಘಿಸಿದರು.

ಬೆಂಗಳೂರು: ರಾಜಧಾನಿಯ ಸಂಚಾರ ದಟ್ಟಣೆಯನ್ನು ನಿಯಂತ್ರಿಸಲು ಹೊಸ ಯೋಜನೆ ರೂಪಿಸಲಾಗಿದೆ. ಸುರಂಗ ರಸ್ತೆ ಯೋಜನೆಗೆ ಶೀಘ್ರ ಚಾಲನೆ ನೀಡಲಾಗುವುದು ಎಂದು ಉಪ ಮುಖ್ಯಮಂತ್ರಿ ಹೇಳಿದ್ದಾರೆ.

ಹೊಯ್ಸಳ ಮತ್ತು ಕೆಳದಿ ಚಿನ್ನದ ಠೇವಣಿ ಪ್ರಶಸ್ತಿಗೆ ಅರ್ಜಿ ಆಹ್ವಾನ

ಬೆಂಗಳೂರು: ಕರ್ನಾಟಕ ಸರ್ಕಾರ 2025ನೇ ಸಾಲಿನ ಹೊಯ್ಸಳ ಮತ್ತು ಕೆಳದಿ ಚಿನ್ನದ ಠೇವಣಿ ಪ್ರಶಸ್ತಿಗೆ ಅರ್ಜಿ ಆಹ್ವಾನಿಸಿದೆ. ಕಲೆ, ಸಾಹಿತ್ಯ, ಸಂಸ್ಕೃತಿ ಕ್ಷೇತ್ರದಲ್ಲಿ ಸಾಧನೆ ಮಾಡಿದವರು ಅರ್ಜಿ ಸಲ್ಲಿಸಬಹುದು.

ಪ್ರಶಸ್ತಿ ಅವಧಿ: 01.08.2024 ರಿಂದ 31.07.2025

ಪ್ರಶಸ್ತಿ ಮೊತ್ತ ರೂ.25000/–

ಅರ್ಜಿಗಳನ್ನು ನಿಗದಿತ ನಮೂನೆಯಲ್ಲಿ ಭರ್ತಿ ಮಾಡಿ ಕನ್ನಡ ಮತ್ತು ಸಂಸ್ಕೃತಿ ಇಲಾಖೆಯ ಕಚೇರಿಗೆ ಸಲ್ಲಿಸಬೇಕು. ಅರ್ಜಿ ನಮೂನೆಯನ್ನು ಇಲಾಖೆಯ ವೆಬ್‌ಸೈಟ್‌ನಿಂದ ಪಡೆಯಬಹುದು.

ಅರ್ಜಿ ಸಲ್ಲಿಸಲು ಕೊನೆಯ ದಿನಾಂಕ: 25.10.2025

ಹೆಚ್ಚಿನ ಮಾಹಿತಿಗೆ ದೂರವಾಣಿ: 080-22261000, 9353667367 ಸಂಪರ್ಕಿಸಿ.
